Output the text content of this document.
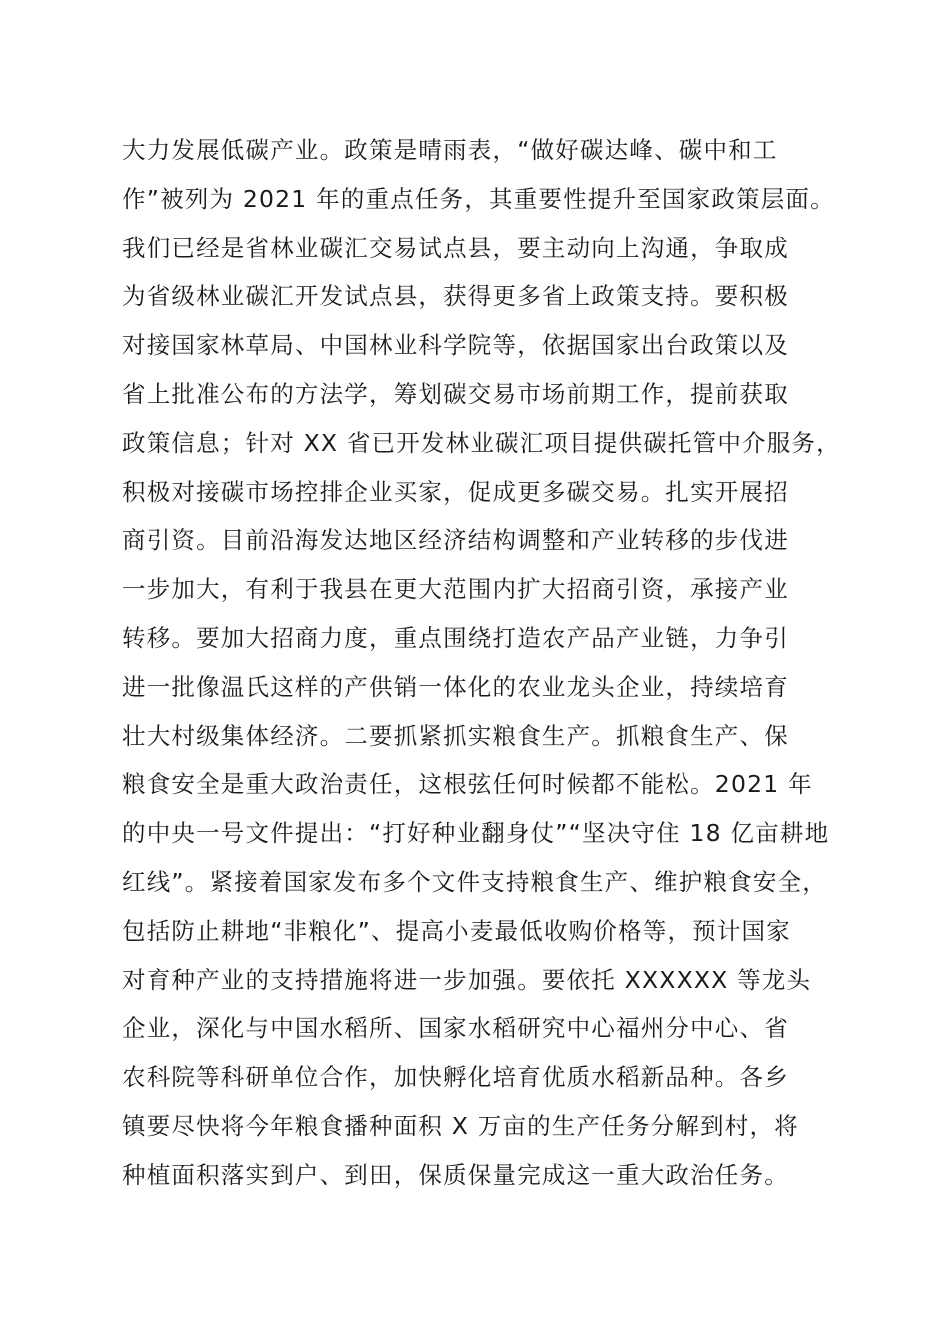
大力发展低碳产业。政策是晴雨表，“做好碳达峰、碳中和工
作”被列为 2021 年的重点任务，其重要性提升至国家政策层面。
我们已经是省林业碳汇交易试点县，要主动向上沟通，争取成
为省级林业碳汇开发试点县，获得更多省上政策支持。要积极
对接国家林草局、中国林业科学院等，依据国家出台政策以及
省上批准公布的方法学，筹划碳交易市场前期工作，提前获取
政策信息；针对 XX 省已开发林业碳汇项目提供碳托管中介服务，
积极对接碳市场控排企业买家，促成更多碳交易。扎实开展招
商引资。目前沿海发达地区经济结构调整和产业转移的步伐进
一步加大，有利于我县在更大范围内扩大招商引资，承接产业
转移。要加大招商力度，重点围绕打造农产品产业链，力争引
进一批像温氏这样的产供销一体化的农业龙头企业，持续培育
壮大村级集体经济。二要抓紧抓实粮食生产。抓粮食生产、保
粮食安全是重大政治责任，这根弦任何时候都不能松。2021 年
的中央一号文件提出：“打好种业翻身仗”“坚决守住 18 亿亩耕地
红线”。紧接着国家发布多个文件支持粮食生产、维护粮食安全，
包括防止耕地“非粮化”、提高小麦最低收购价格等，预计国家
对育种产业的支持措施将进一步加强。要依托 XXXXXX 等龙头
企业，深化与中国水稻所、国家水稻研究中心福州分中心、省
农科院等科研单位合作，加快孵化培育优质水稻新品种。各乡
镇要尽快将今年粮食播种面积 X 万亩的生产任务分解到村，将
种植面积落实到户、到田，保质保量完成这一重大政治任务。
